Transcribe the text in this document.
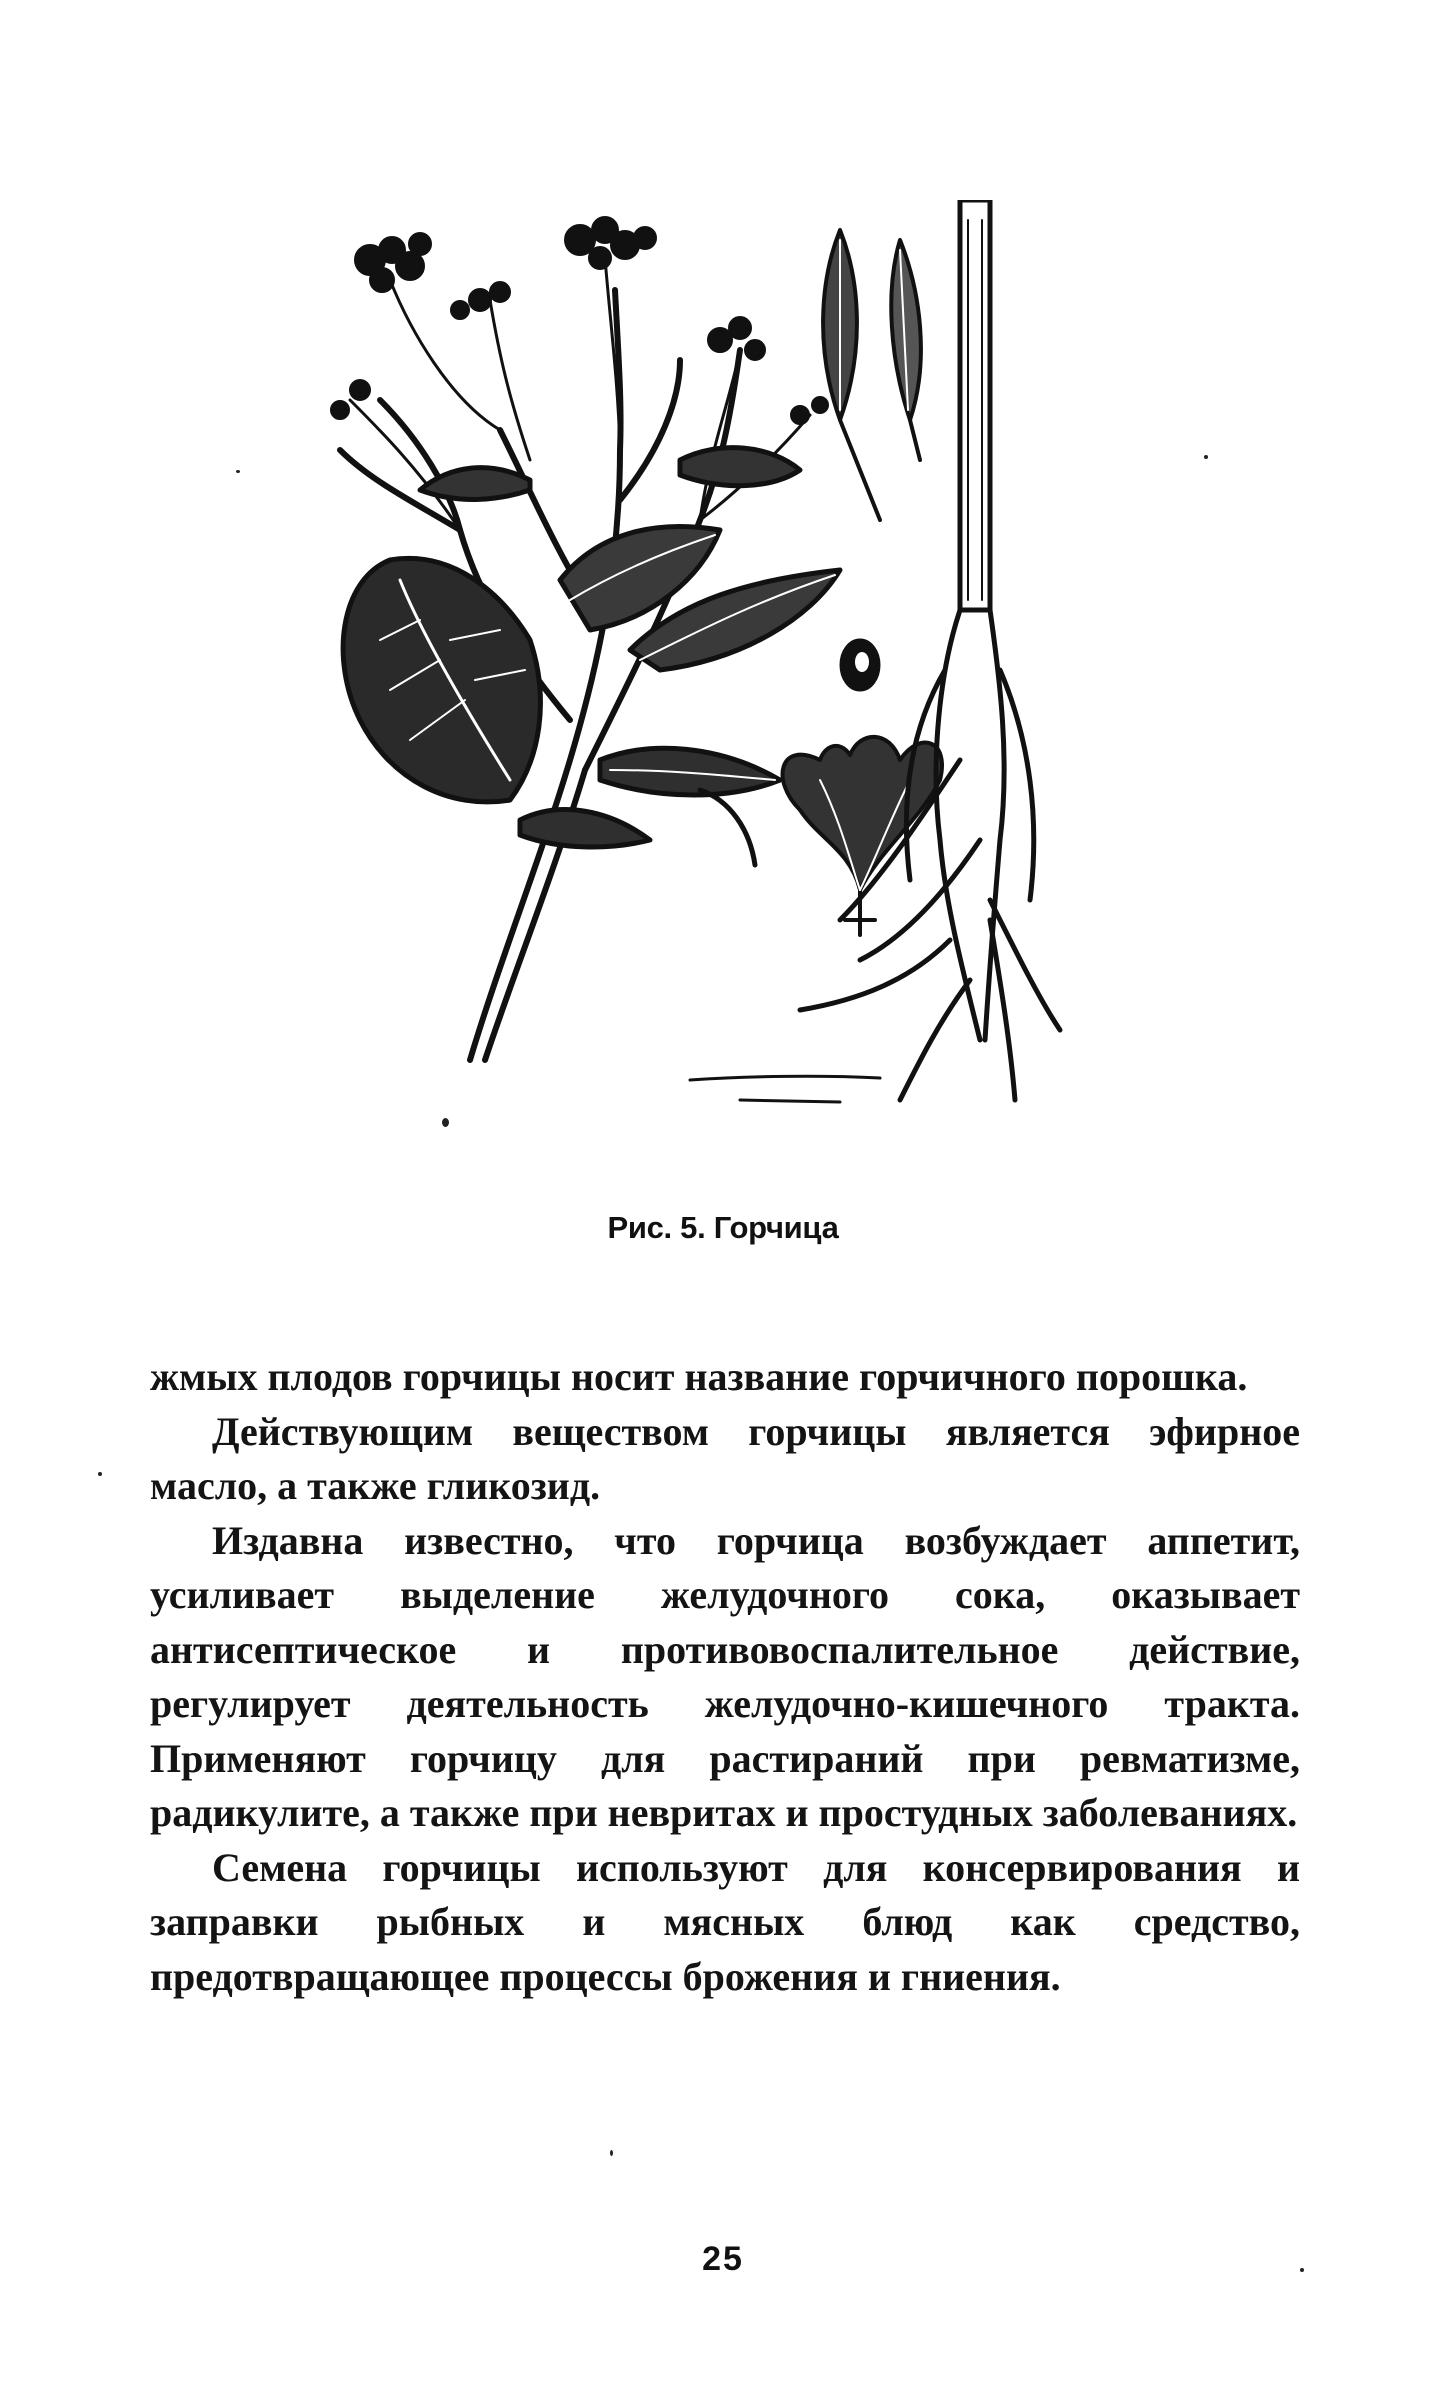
Рис. 5. Горчица

жмых плодов горчицы носит название горчичного порошка.

Действующим веществом горчицы является эфирное масло, а также гликозид.

Издавна известно, что горчица возбуждает аппетит, усиливает выделение желудочного сока, оказывает антисептическое и противовоспалительное действие, регулирует деятельность желудочно-кишечного тракта. Применяют горчицу для растираний при ревматизме, радикулите, а также при невритах и простудных заболеваниях.

Семена горчицы используют для консервирования и заправки рыбных и мясных блюд как средство, предотвращающее процессы брожения и гниения.

25
